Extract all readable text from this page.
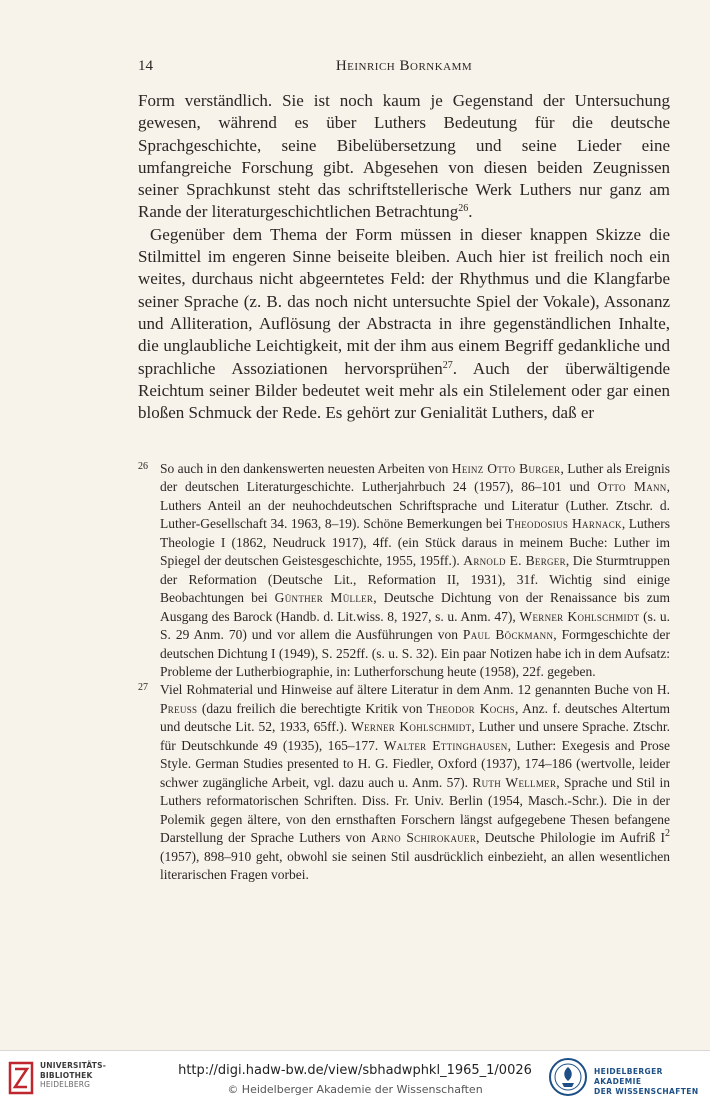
14	Heinrich Bornkamm

Form verständlich. Sie ist noch kaum je Gegenstand der Untersuchung gewesen, während es über Luthers Bedeutung für die deutsche Sprachgeschichte, seine Bibelübersetzung und seine Lieder eine umfangreiche Forschung gibt. Abgesehen von diesen beiden Zeugnissen seiner Sprachkunst steht das schriftstellerische Werk Luthers nur ganz am Rande der literaturgeschichtlichen Betrachtung$^{26}$.

Gegenüber dem Thema der Form müssen in dieser knappen Skizze die Stilmittel im engeren Sinne beiseite bleiben. Auch hier ist freilich noch ein weites, durchaus nicht abgeerntetes Feld: der Rhythmus und die Klangfarbe seiner Sprache (z. B. das noch nicht untersuchte Spiel der Vokale), Assonanz und Alliteration, Auflösung der Abstracta in ihre gegenständlichen Inhalte, die unglaubliche Leichtigkeit, mit der ihm aus einem Begriff gedankliche und sprachliche Assoziationen hervorsprühen$^{27}$. Auch der überwältigende Reichtum seiner Bilder bedeutet weit mehr als ein Stilelement oder gar einen bloßen Schmuck der Rede. Es gehört zur Genialität Luthers, daß er

26 So auch in den dankenswerten neuesten Arbeiten von Heinz Otto Burger, Luther als Ereignis der deutschen Literaturgeschichte. Lutherjahrbuch 24 (1957), 86–101 und Otto Mann, Luthers Anteil an der neuhochdeutschen Schriftsprache und Literatur (Luther. Ztschr. d. Luther-Gesellschaft 34. 1963, 8–19). Schöne Bemerkungen bei Theodosius Harnack, Luthers Theologie I (1862, Neudruck 1917), 4ff. (ein Stück daraus in meinem Buche: Luther im Spiegel der deutschen Geistesgeschichte, 1955, 195ff.). Arnold E. Berger, Die Sturmtruppen der Reformation (Deutsche Lit., Reformation II, 1931), 31f. Wichtig sind einige Beobachtungen bei Günther Müller, Deutsche Dichtung von der Renaissance bis zum Ausgang des Barock (Handb. d. Lit.wiss. 8, 1927, s. u. Anm. 47), Werner Kohlschmidt (s. u. S. 29 Anm. 70) und vor allem die Ausführungen von Paul Böckmann, Formgeschichte der deutschen Dichtung I (1949), S. 252ff. (s. u. S. 32). Ein paar Notizen habe ich in dem Aufsatz: Probleme der Lutherbiographie, in: Lutherforschung heute (1958), 22f. gegeben.

27 Viel Rohmaterial und Hinweise auf ältere Literatur in dem Anm. 12 genannten Buche von H. Preuss (dazu freilich die berechtigte Kritik von Theodor Kochs, Anz. f. deutsches Altertum und deutsche Lit. 52, 1933, 65ff.). Werner Kohlschmidt, Luther und unsere Sprache. Ztschr. für Deutschkunde 49 (1935), 165–177. Walter Ettinghausen, Luther: Exegesis and Prose Style. German Studies presented to H. G. Fiedler, Oxford (1937), 174–186 (wertvolle, leider schwer zugängliche Arbeit, vgl. dazu auch u. Anm. 57). Ruth Wellmer, Sprache und Stil in Luthers reformatorischen Schriften. Diss. Fr. Univ. Berlin (1954, Masch.-Schr.). Die in der Polemik gegen ältere, von den ernsthaften Forschern längst aufgegebene Thesen befangene Darstellung der Sprache Luthers von Arno Schirokauer, Deutsche Philologie im Aufriß $I^2$ (1957), 898–910 geht, obwohl sie seinen Stil ausdrücklich einbezieht, an allen wesentlichen literarischen Fragen vorbei.

UNIVERSITÄTS-
BIBLIOTHEK
HEIDELBERG
http://digi.hadw-bw.de/view/sbhadwphkl_1965_1/0026
© Heidelberger Akademie der Wissenschaften
HEIDELBERGER AKADEMIE
DER WISSENSCHAFTEN
